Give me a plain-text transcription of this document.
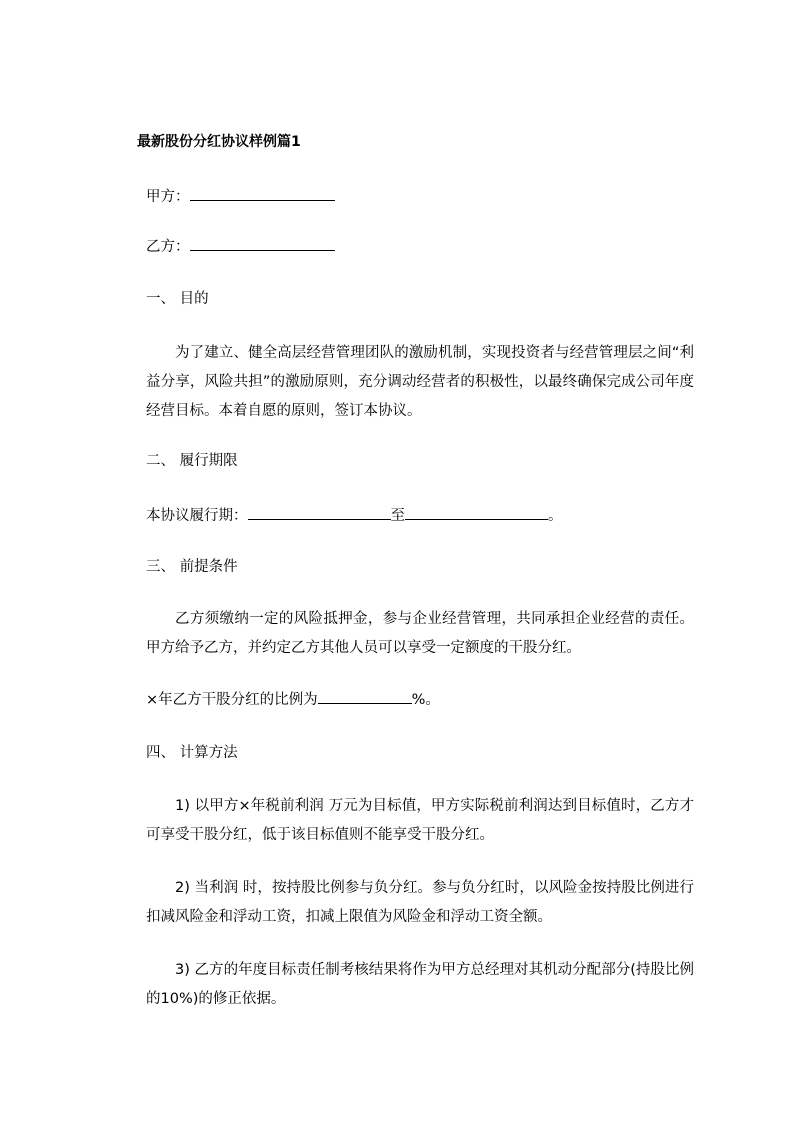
最新股份分红协议样例篇1
甲方：
乙方：
一、 目的
为了建立、健全高层经营管理团队的激励机制，实现投资者与经营管理层之间“利益分享，风险共担”的激励原则，充分调动经营者的积极性，以最终确保完成公司年度经营目标。本着自愿的原则，签订本协议。
二、 履行期限
本协议履行期：	至	。
三、 前提条件
乙方须缴纳一定的风险抵押金，参与企业经营管理，共同承担企业经营的责任。甲方给予乙方，并约定乙方其他人员可以享受一定额度的干股分红。
×年乙方干股分红的比例为	%。
四、 计算方法
1) 以甲方×年税前利润 万元为目标值，甲方实际税前利润达到目标值时，乙方才可享受干股分红，低于该目标值则不能享受干股分红。
2) 当利润 时，按持股比例参与负分红。参与负分红时，以风险金按持股比例进行扣减风险金和浮动工资，扣减上限值为风险金和浮动工资全额。
3) 乙方的年度目标责任制考核结果将作为甲方总经理对其机动分配部分(持股比例的10%)的修正依据。
